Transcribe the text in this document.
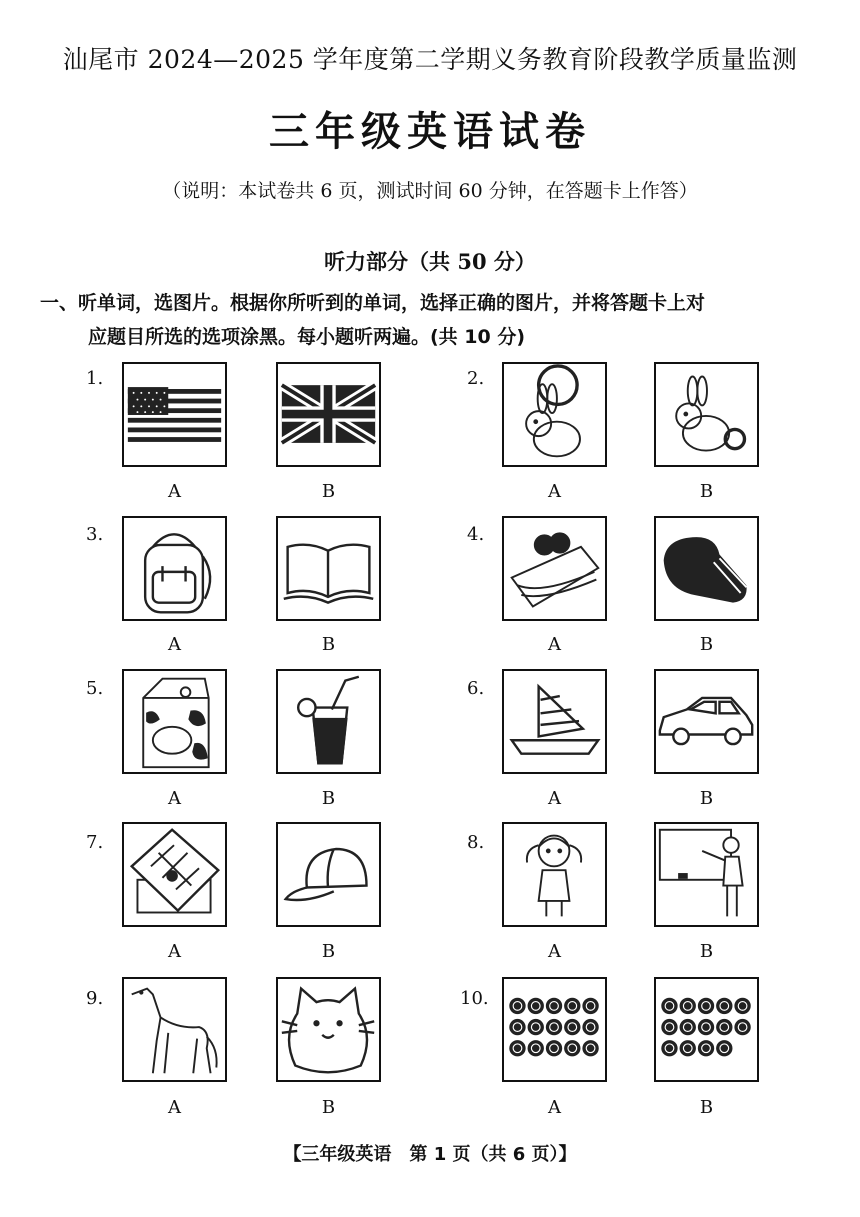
汕尾市 2024—2025 学年度第二学期义务教育阶段教学质量监测
三年级英语试卷
（说明：本试卷共 6 页，测试时间 60 分钟，在答题卡上作答）
听力部分（共 50 分）
一、听单词，选图片。根据你所听到的单词，选择正确的图片，并将答题卡上对
应题目所选的选项涂黑。每小题听两遍。(共 10 分)
1.
A	B
2.
A	B
3.
A	B
4.
A	B
5.
A	B
6.
A	B
7.
A	B
8.
A	B
9.
A	B
10.
A	B
【三年级英语　第 1 页（共 6 页）】
